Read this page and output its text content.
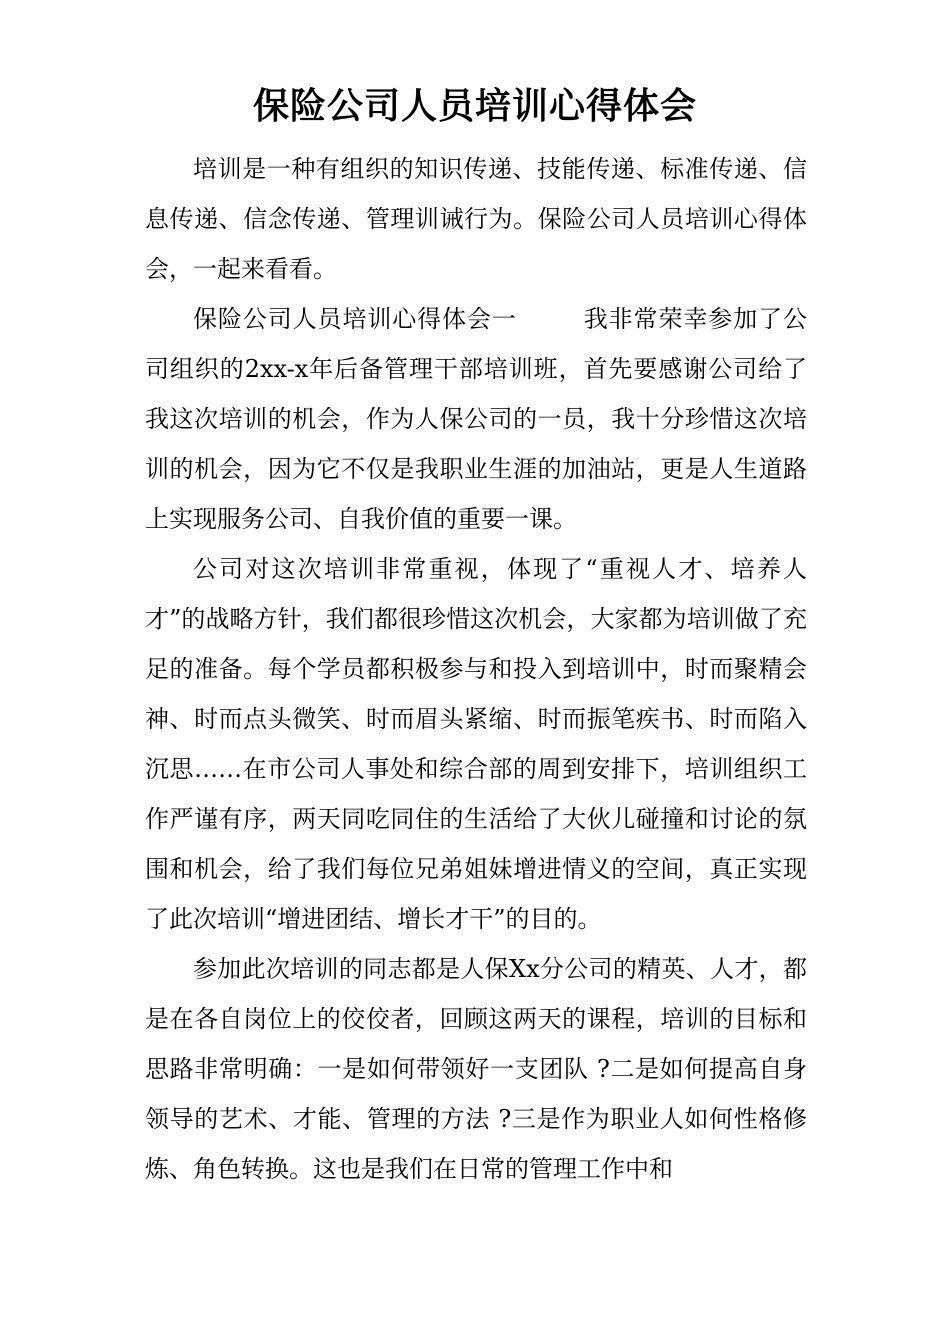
保险公司人员培训心得体会

培训是一种有组织的知识传递、技能传递、标准传递、信息传递、信念传递、管理训诫行为。保险公司人员培训心得体会，一起来看看。

保险公司人员培训心得体会一	我非常荣幸参加了公司组织的2xx-x年后备管理干部培训班，首先要感谢公司给了我这次培训的机会，作为人保公司的一员，我十分珍惜这次培训的机会，因为它不仅是我职业生涯的加油站，更是人生道路上实现服务公司、自我价值的重要一课。

公司对这次培训非常重视，体现了“重视人才、培养人才”的战略方针，我们都很珍惜这次机会，大家都为培训做了充足的准备。每个学员都积极参与和投入到培训中，时而聚精会神、时而点头微笑、时而眉头紧缩、时而振笔疾书、时而陷入沉思……在市公司人事处和综合部的周到安排下，培训组织工作严谨有序，两天同吃同住的生活给了大伙儿碰撞和讨论的氛围和机会，给了我们每位兄弟姐妹增进情义的空间，真正实现了此次培训“增进团结、增长才干”的目的。

参加此次培训的同志都是人保Xx分公司的精英、人才，都是在各自岗位上的佼佼者，回顾这两天的课程，培训的目标和思路非常明确：一是如何带领好一支团队 ?二是如何提高自身领导的艺术、才能、管理的方法 ?三是作为职业人如何性格修炼、角色转换。这也是我们在日常的管理工作中和
